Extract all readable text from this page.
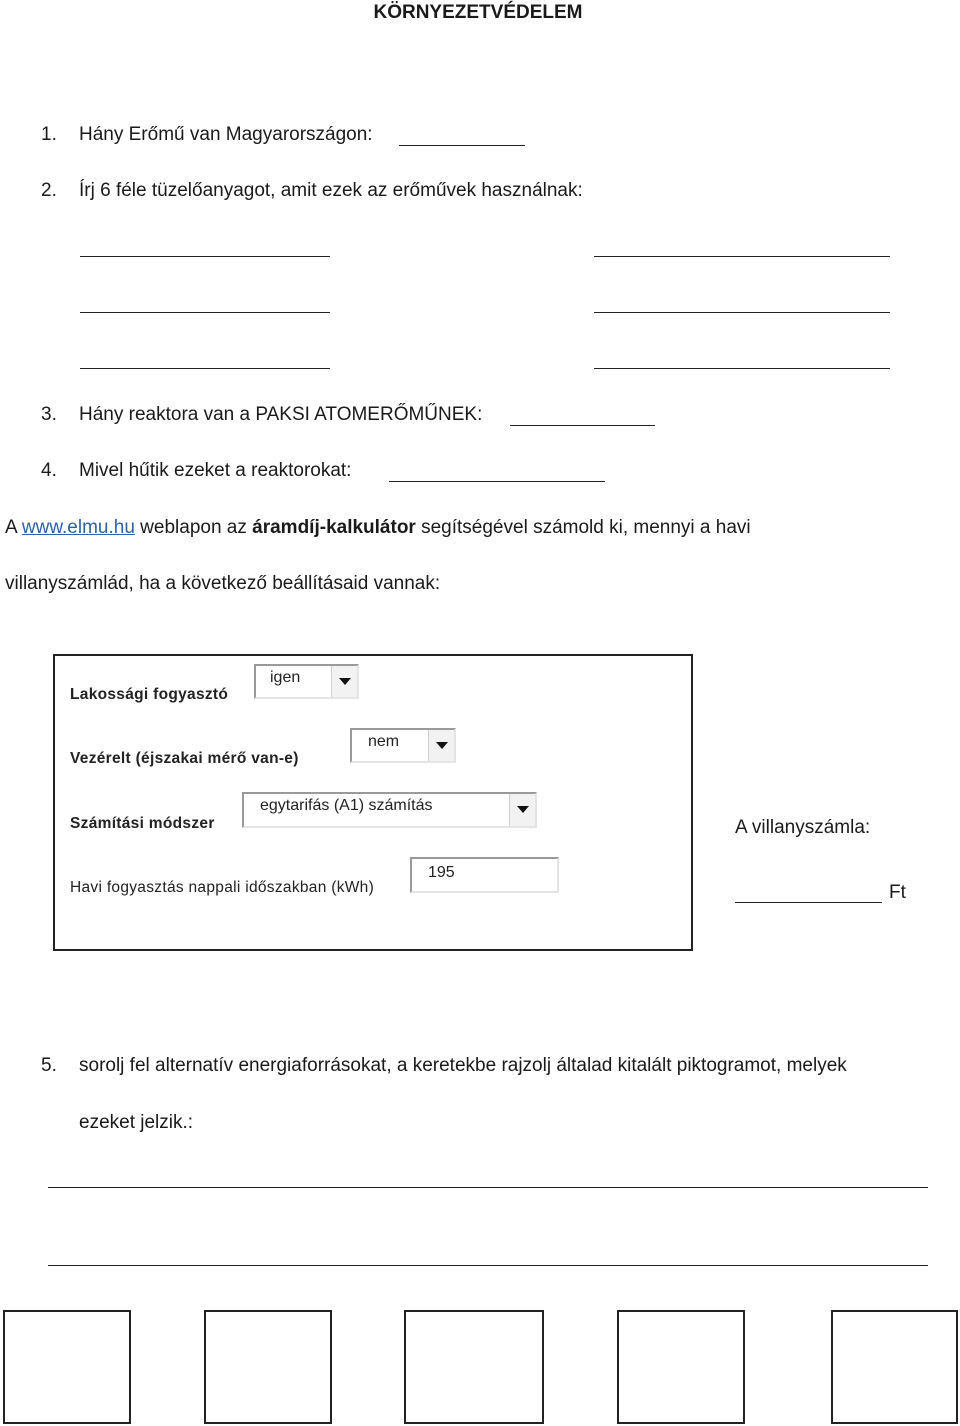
KÖRNYEZETVÉDELEM
1. Hány Erőmű van Magyarországon:
2. Írj 6 féle tüzelőanyagot, amit ezek az erőművek használnak:
3. Hány reaktora van a PAKSI ATOMERŐMŰNEK:
4. Mivel hűtik ezeket a reaktorokat:
A www.elmu.hu weblapon az áramdíj-kalkulátor segítségével számold ki, mennyi a havi
villanyszámlád, ha a következő beállításaid vannak:
Lakossági fogyasztó
igen
Vezérelt (éjszakai mérő van-e)
nem
Számítási módszer
egytarifás (A1) számítás
Havi fogyasztás nappali időszakban (kWh)
195
A villanyszámla:
Ft
5. sorolj fel alternatív energiaforrásokat, a keretekbe rajzolj általad kitalált piktogramot, melyek
ezeket jelzik.:
